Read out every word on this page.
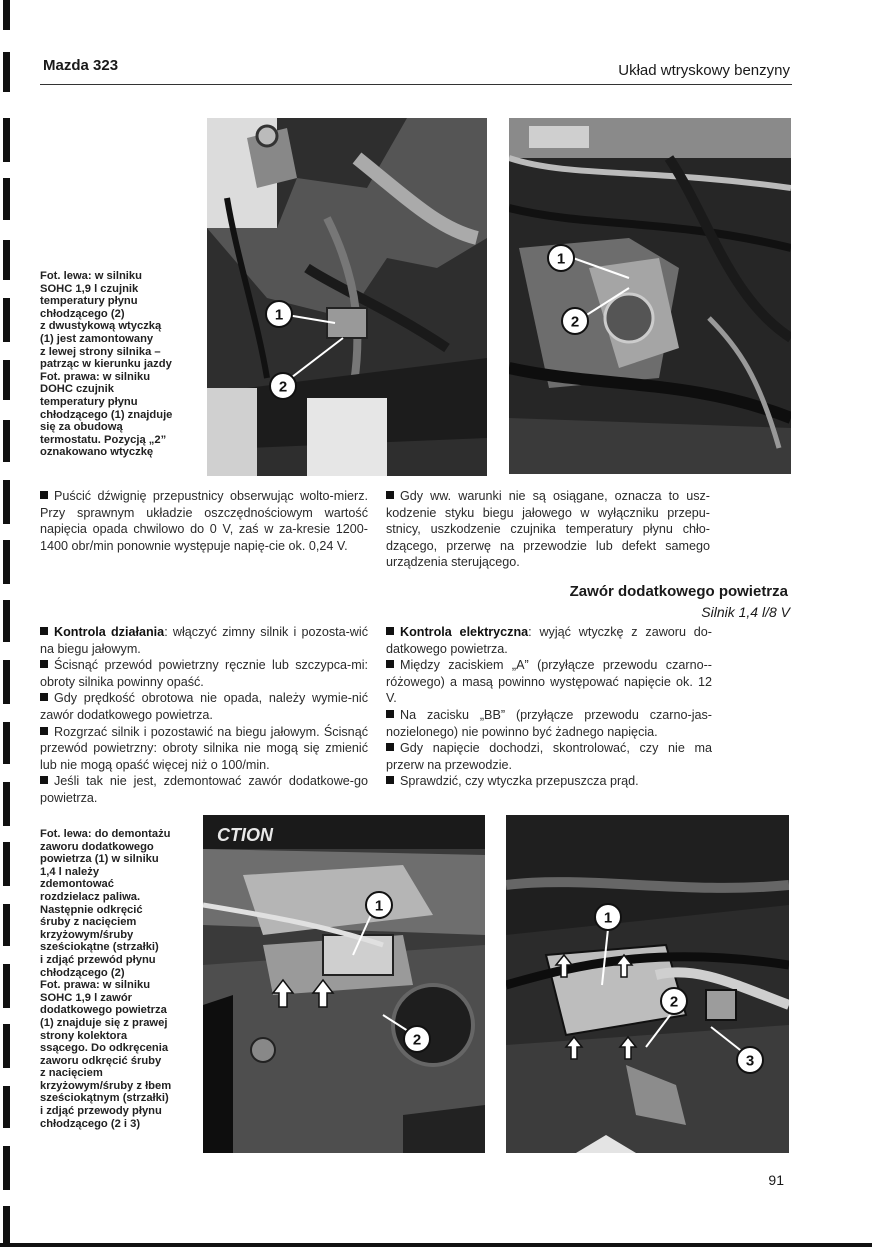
Mazda 323	Układ wtryskowy benzyny
Fot. lewa: w silniku
SOHC 1,9 l czujnik
temperatury płynu
chłodzącego (2)
z dwustykową wtyczką
(1) jest zamontowany
z lewej strony silnika –
patrząc w kierunku jazdy
Fot. prawa: w silniku
DOHC czujnik
temperatury płynu
chłodzącego (1) znajduje
się za obudową
termostatu. Pozycją „2”
oznakowano wtyczkę
1
2
1
2

Puścić dźwignię przepustnicy obserwując wolto-mierz. Przy sprawnym układzie oszczędnościowym wartość napięcia opada chwilowo do 0 V, zaś w za-kresie 1200-1400 obr/min ponownie występuje napię-cie ok. 0,24 V.

Gdy ww. warunki nie są osiągane, oznacza to usz-kodzenie styku biegu jałowego w wyłączniku przepu-stnicy, uszkodzenie czujnika temperatury płynu chło-dzącego, przerwę na przewodzie lub defekt samego urządzenia sterującego.

Zawór dodatkowego powietrza
Silnik 1,4 l/8 V

Kontrola działania: włączyć zimny silnik i pozosta-wić na biegu jałowym.

Ścisnąć przewód powietrzny ręcznie lub szczypca-mi: obroty silnika powinny opaść.

Gdy prędkość obrotowa nie opada, należy wymie-nić zawór dodatkowego powietrza.

Rozgrzać silnik i pozostawić na biegu jałowym. Ścisnąć przewód powietrzny: obroty silnika nie mogą się zmienić lub nie mogą opaść więcej niż o 100/min.

Jeśli tak nie jest, zdemontować zawór dodatkowe-go powietrza.

Kontrola elektryczna: wyjąć wtyczkę z zaworu do-datkowego powietrza.

Między zaciskiem „A” (przyłącze przewodu czarno--różowego) a masą powinno występować napięcie ok. 12 V.

Na zacisku „BB” (przyłącze przewodu czarno-jas-nozielonego) nie powinno być żadnego napięcia.

Gdy napięcie dochodzi, skontrolować, czy nie ma przerw na przewodzie.

Sprawdzić, czy wtyczka przepuszcza prąd.

Fot. lewa: do demontażu
zaworu dodatkowego
powietrza (1) w silniku
1,4 l należy
zdemontować
rozdzielacz paliwa.
Następnie odkręcić
śruby z nacięciem
krzyżowym/śruby
sześciokątne (strzałki)
i zdjąć przewód płynu
chłodzącego (2)
Fot. prawa: w silniku
SOHC 1,9 l zawór
dodatkowego powietrza
(1) znajduje się z prawej
strony kolektora
ssącego. Do odkręcenia
zaworu odkręcić śruby
z nacięciem
krzyżowym/śruby z łbem
sześciokątnym (strzałki)
i zdjąć przewody płynu
chłodzącego (2 i 3)
CTION
1
2
1
2
3
91
